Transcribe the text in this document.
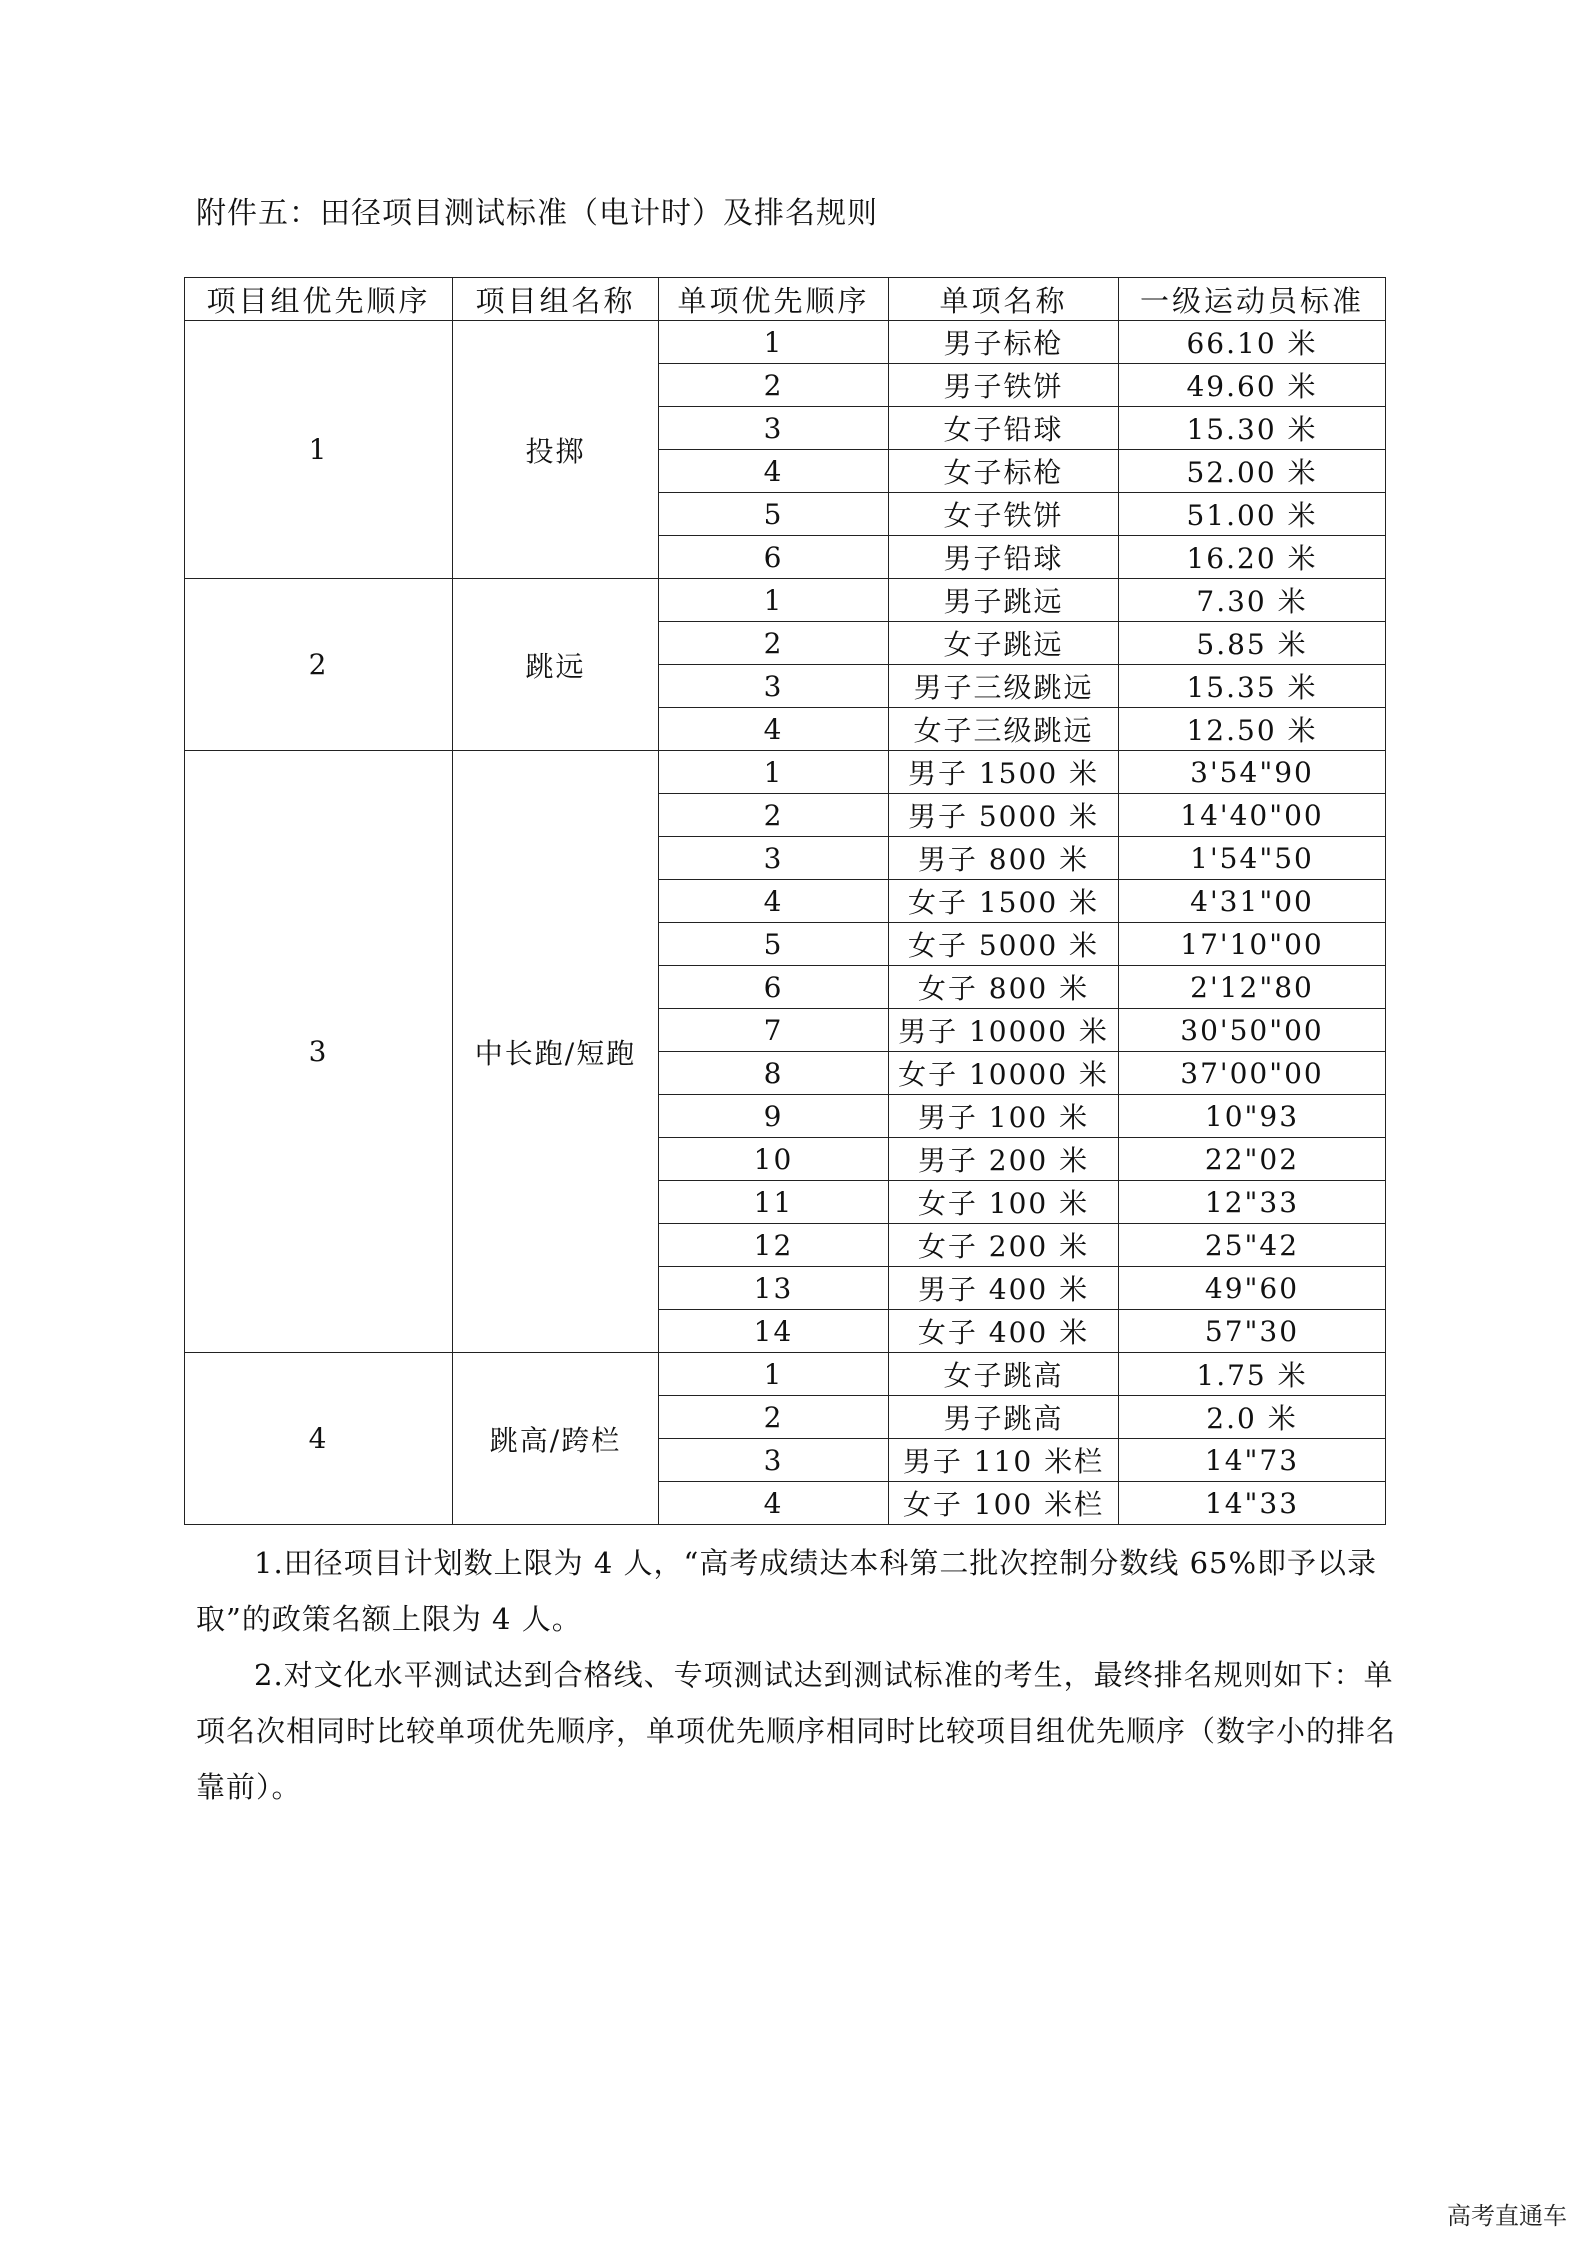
附件五：田径项目测试标准（电计时）及排名规则
项目组优先顺序	项目组名称	单项优先顺序	单项名称	一级运动员标准
1	投掷	1	男子标枪	66.10 米
		2	男子铁饼	49.60 米
		3	女子铅球	15.30 米
		4	女子标枪	52.00 米
		5	女子铁饼	51.00 米
		6	男子铅球	16.20 米
2	跳远	1	男子跳远	7.30 米
		2	女子跳远	5.85 米
		3	男子三级跳远	15.35 米
		4	女子三级跳远	12.50 米
3	中长跑/短跑	1	男子 1500 米	3'54"90
		2	男子 5000 米	14'40"00
		3	男子 800 米	1'54"50
		4	女子 1500 米	4'31"00
		5	女子 5000 米	17'10"00
		6	女子 800 米	2'12"80
		7	男子 10000 米	30'50"00
		8	女子 10000 米	37'00"00
		9	男子 100 米	10"93
		10	男子 200 米	22"02
		11	女子 100 米	12"33
		12	女子 200 米	25"42
		13	男子 400 米	49"60
		14	女子 400 米	57"30
4	跳高/跨栏	1	女子跳高	1.75 米
		2	男子跳高	2.0 米
		3	男子 110 米栏	14"73
		4	女子 100 米栏	14"33

1.田径项目计划数上限为 4 人，“高考成绩达本科第二批次控制分数线 65%即予以录取”的政策名额上限为 4 人。

2.对文化水平测试达到合格线、专项测试达到测试标准的考生，最终排名规则如下：单项名次相同时比较单项优先顺序，单项优先顺序相同时比较项目组优先顺序（数字小的排名靠前）。

高考直通车
